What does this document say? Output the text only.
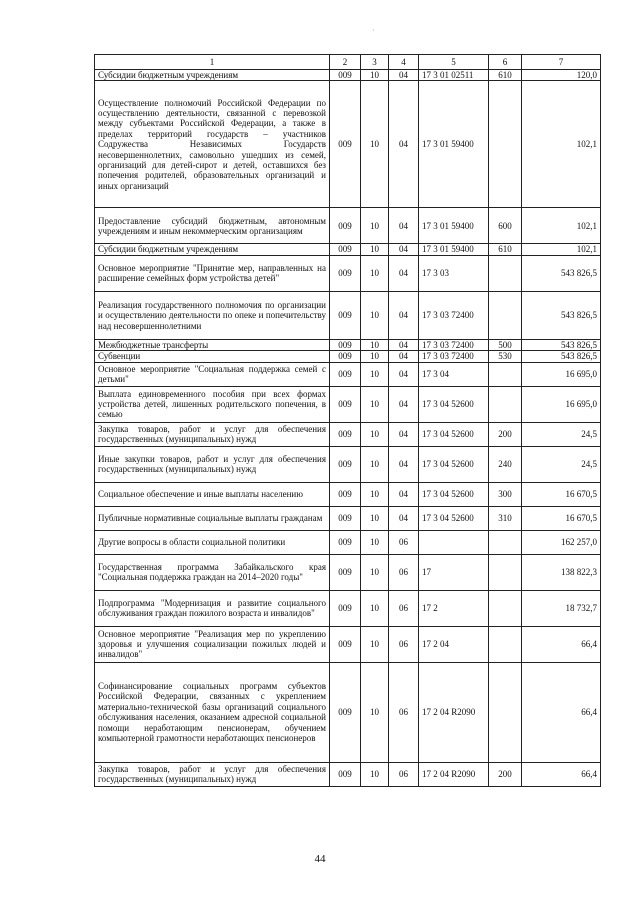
·
1	2	3	4	5	6	7
Субсидии бюджетным учреждениям	009	10	04	17 3 01 02511	610	120,0
Осуществление полномочий Российской Федерации по осуществлению деятельности, связанной с перевозкой между субъектами Российской Федерации, а также в пределах территорий государств – участников Содружества Независимых Государств несовершеннолетних, самовольно ушедших из семей, организаций для детей-сирот и детей, оставшихся без попечения родителей, образовательных организаций и иных организаций	009	10	04	17 3 01 59400		102,1
Предоставление субсидий бюджетным, автономным учреждениям и иным некоммерческим организациям	009	10	04	17 3 01 59400	600	102,1
Субсидии бюджетным учреждениям	009	10	04	17 3 01 59400	610	102,1
Основное мероприятие "Принятие мер, направленных на расширение семейных форм устройства детей"	009	10	04	17 3 03		543 826,5
Реализация государственного полномочия по организации и осуществлению деятельности по опеке и попечительству над несовершеннолетними	009	10	04	17 3 03 72400		543 826,5
Межбюджетные трансферты	009	10	04	17 3 03 72400	500	543 826,5
Субвенции	009	10	04	17 3 03 72400	530	543 826,5
Основное мероприятие "Социальная поддержка семей с детьми"	009	10	04	17 3 04		16 695,0
Выплата единовременного пособия при всех формах устройства детей, лишенных родительского попечения, в семью	009	10	04	17 3 04 52600		16 695,0
Закупка товаров, работ и услуг для обеспечения государственных (муниципальных) нужд	009	10	04	17 3 04 52600	200	24,5
Иные закупки товаров, работ и услуг для обеспечения государственных (муниципальных) нужд	009	10	04	17 3 04 52600	240	24,5
Социальное обеспечение и иные выплаты населению	009	10	04	17 3 04 52600	300	16 670,5
Публичные нормативные социальные выплаты гражданам	009	10	04	17 3 04 52600	310	16 670,5
Другие вопросы в области социальной политики	009	10	06			162 257,0
Государственная программа Забайкальского края "Социальная поддержка граждан на 2014–2020 годы"	009	10	06	17		138 822,3
Подпрограмма "Модернизация и развитие социального обслуживания граждан пожилого возраста и инвалидов"	009	10	06	17 2		18 732,7
Основное мероприятие "Реализация мер по укреплению здоровья и улучшения социализации пожилых людей и инвалидов"	009	10	06	17 2 04		66,4
Софинансирование социальных программ субъектов Российской Федерации, связанных с укреплением материально-технической базы организаций социального обслуживания населения, оказанием адресной социальной помощи неработающим пенсионерам, обучением компьютерной грамотности неработающих пенсионеров	009	10	06	17 2 04 R2090		66,4
Закупка товаров, работ и услуг для обеспечения государственных (муниципальных) нужд	009	10	06	17 2 04 R2090	200	66,4
44
